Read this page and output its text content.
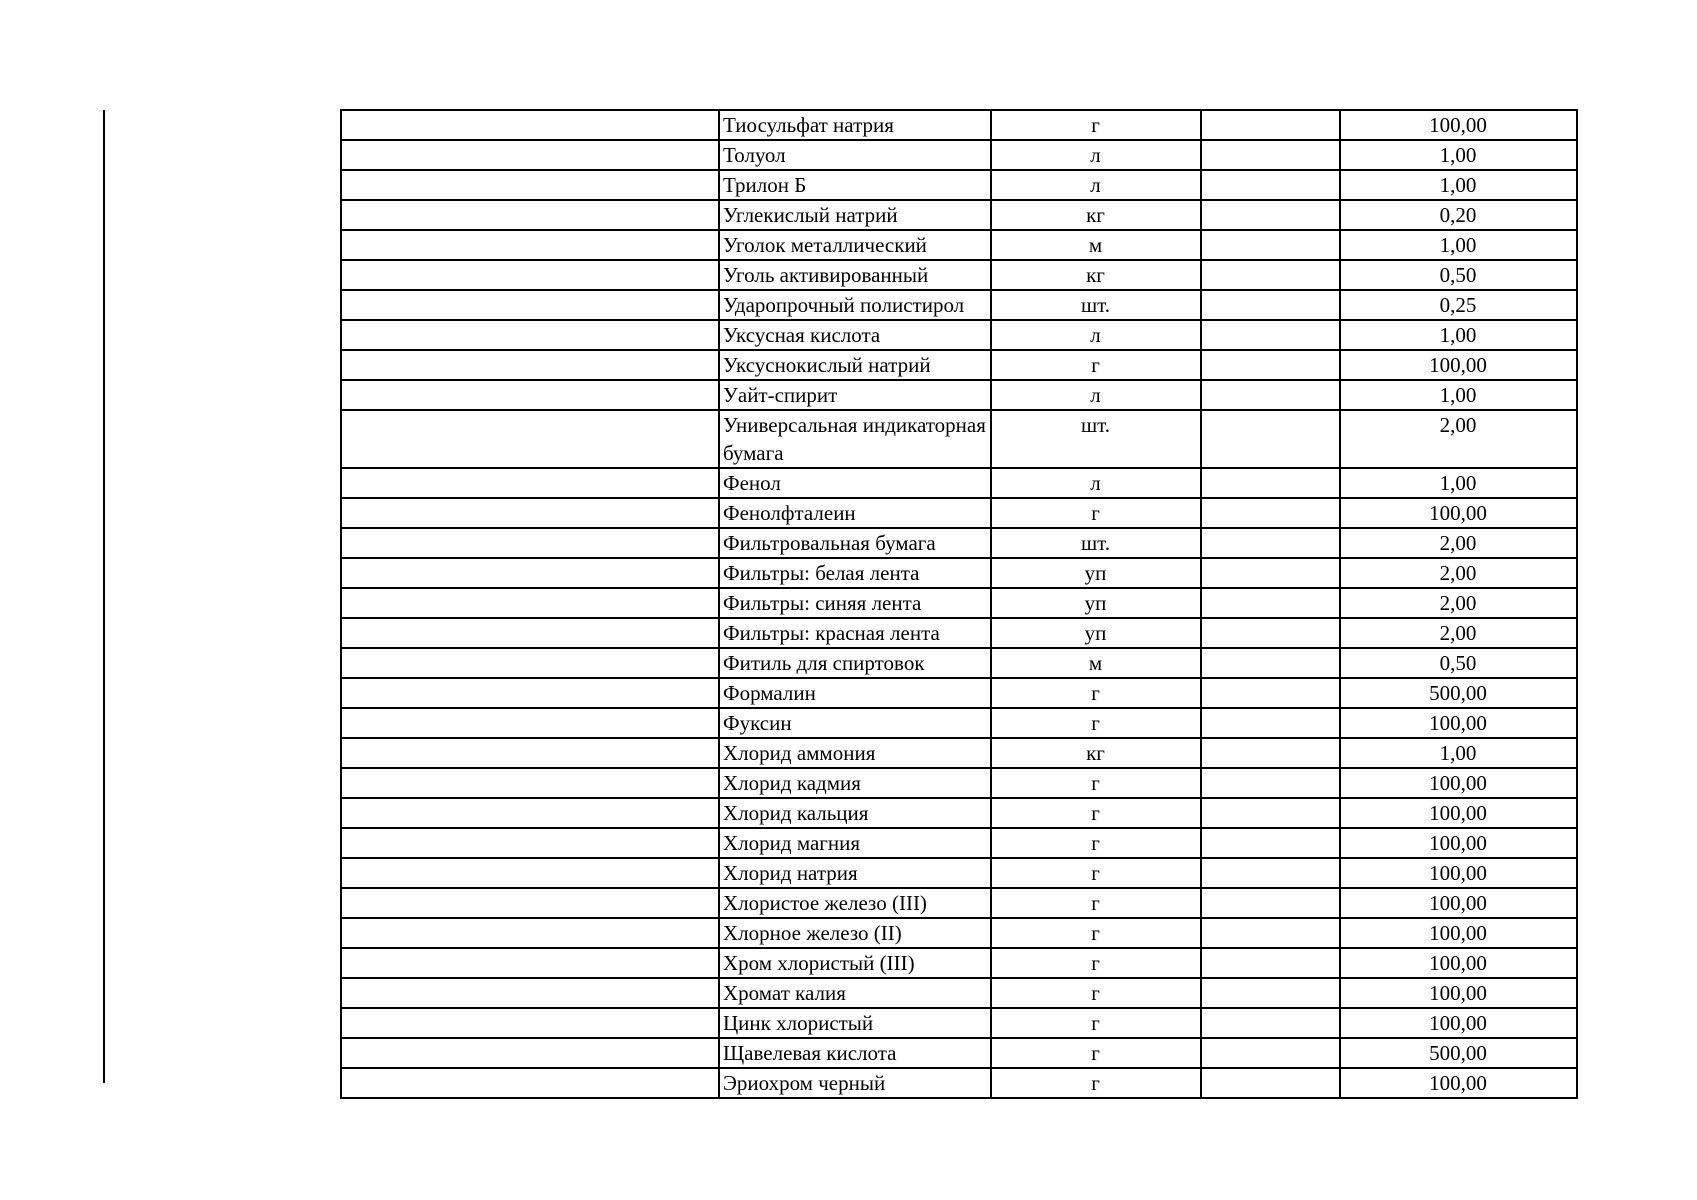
	Тиосульфат натрия	г		100,00
	Толуол	л		1,00
	Трилон Б	л		1,00
	Углекислый натрий	кг		0,20
	Уголок металлический	м		1,00
	Уголь активированный	кг		0,50
	Ударопрочный полистирол	шт.		0,25
	Уксусная кислота	л		1,00
	Уксуснокислый натрий	г		100,00
	Уайт-спирит	л		1,00
	Универсальная индикаторная бумага	шт.		2,00
	Фенол	л		1,00
	Фенолфталеин	г		100,00
	Фильтровальная бумага	шт.		2,00
	Фильтры: белая лента	уп		2,00
	Фильтры: синяя лента	уп		2,00
	Фильтры: красная лента	уп		2,00
	Фитиль для спиртовок	м		0,50
	Формалин	г		500,00
	Фуксин	г		100,00
	Хлорид аммония	кг		1,00
	Хлорид кадмия	г		100,00
	Хлорид кальция	г		100,00
	Хлорид магния	г		100,00
	Хлорид натрия	г		100,00
	Хлористое железо (III)	г		100,00
	Хлорное железо (II)	г		100,00
	Хром хлористый (III)	г		100,00
	Хромат калия	г		100,00
	Цинк хлористый	г		100,00
	Щавелевая кислота	г		500,00
	Эриохром черный	г		100,00
